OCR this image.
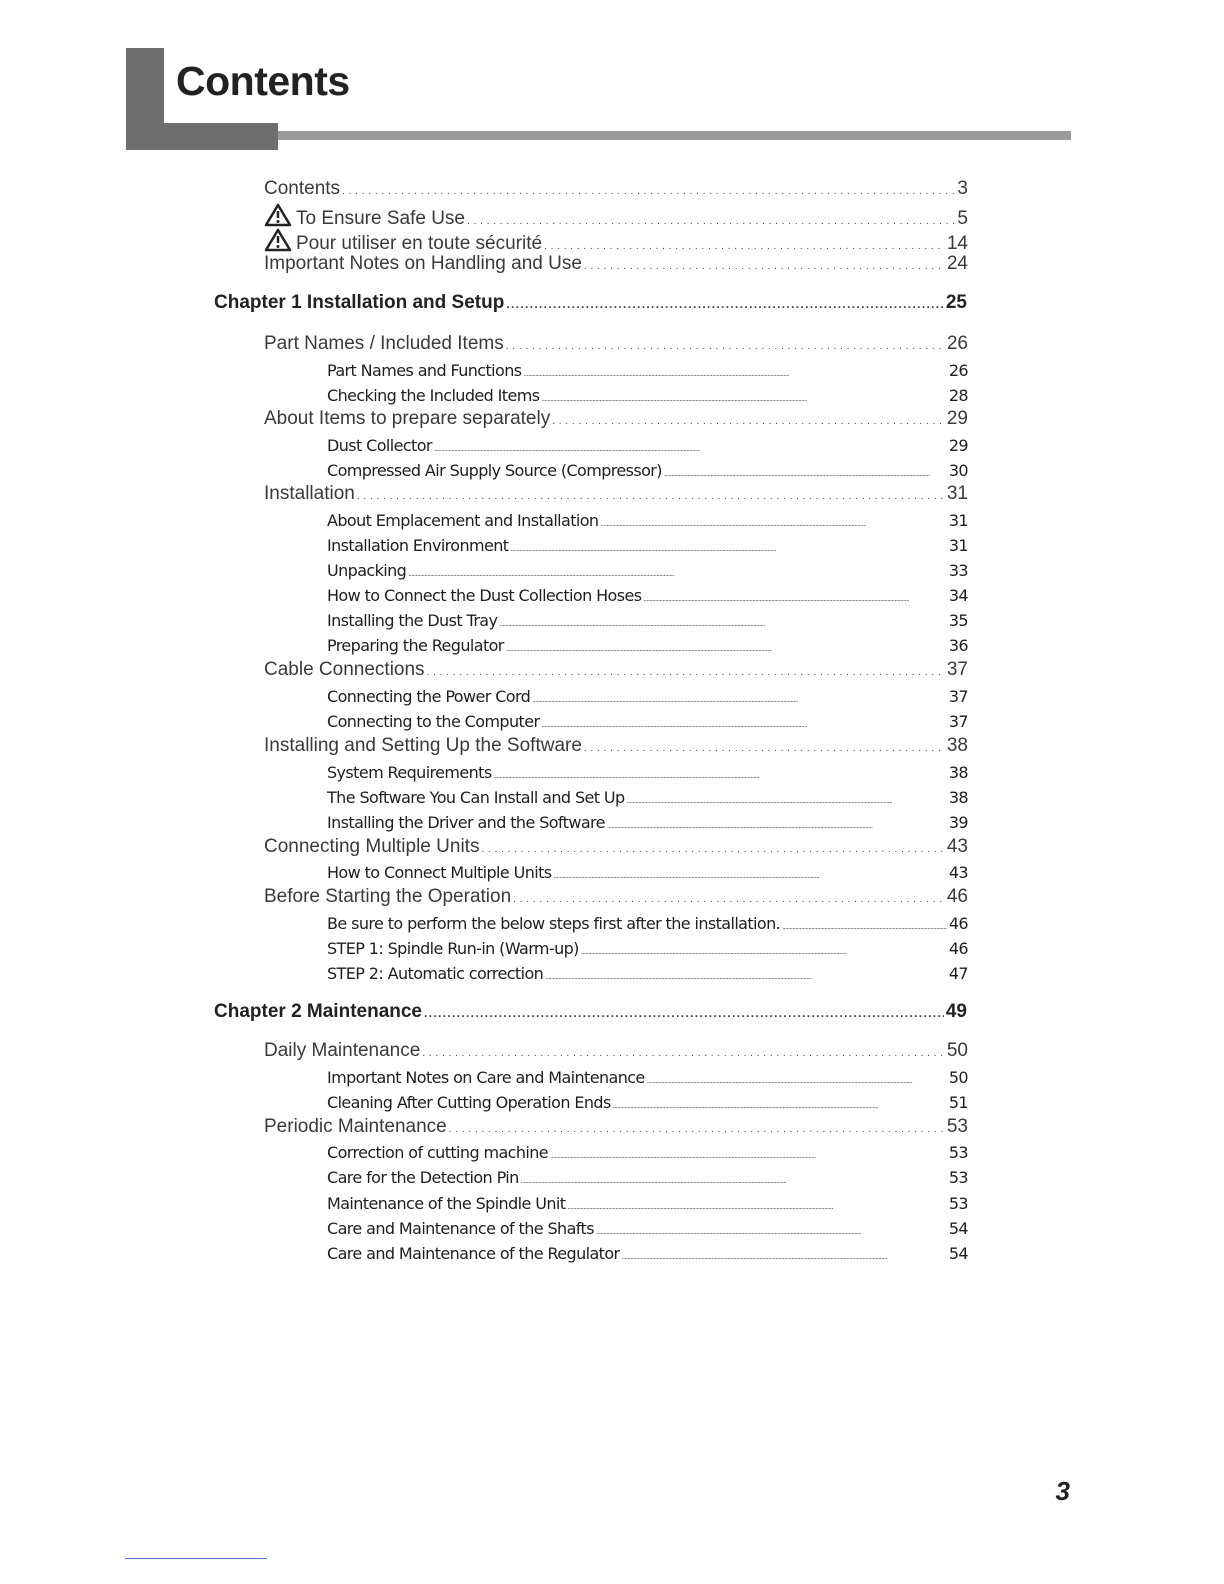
Contents
Contents . . .	3
To Ensure Safe Use . . .	5
Pour utiliser en toute sécurité . . .	14
Important Notes on Handling and Use . . .	24
Chapter 1 Installation and Setup . . .	25
Part Names / Included Items . . .	26
Part Names and Functions . . .	26
Checking the Included Items . . .	28
About Items to prepare separately . . .	29
Dust Collector . . .	29
Compressed Air Supply Source (Compressor) . . .	30
Installation . . .	31
About Emplacement and Installation . . .	31
Installation Environment . . .	31
Unpacking . . .	33
How to Connect the Dust Collection Hoses . . .	34
Installing the Dust Tray . . .	35
Preparing the Regulator . . .	36
Cable Connections . . .	37
Connecting the Power Cord . . .	37
Connecting to the Computer . . .	37
Installing and Setting Up the Software . . .	38
System Requirements . . .	38
The Software You Can Install and Set Up . . .	38
Installing the Driver and the Software . . .	39
Connecting Multiple Units . . .	43
How to Connect Multiple Units . . .	43
Before Starting the Operation . . .	46
Be sure to perform the below steps first after the installation. . . .	46
STEP 1: Spindle Run-in (Warm-up) . . .	46
STEP 2: Automatic correction . . .	47
Chapter 2 Maintenance . . .	49
Daily Maintenance . . .	50
Important Notes on Care and Maintenance . . .	50
Cleaning After Cutting Operation Ends . . .	51
Periodic Maintenance . . .	53
Correction of cutting machine . . .	53
Care for the Detection Pin . . .	53
Maintenance of the Spindle Unit . . .	53
Care and Maintenance of the Shafts . . .	54
Care and Maintenance of the Regulator . . .	54
3
